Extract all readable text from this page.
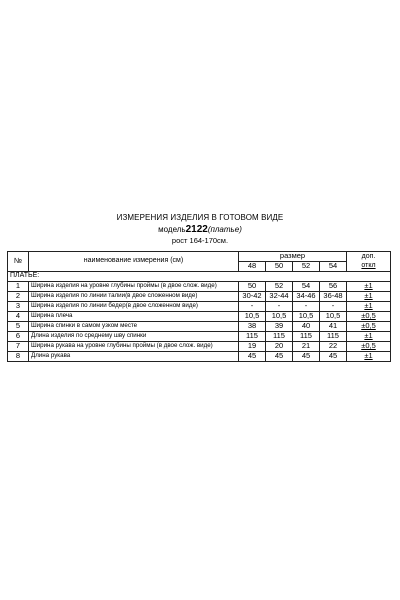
ИЗМЕРЕНИЯ ИЗДЕЛИЯ В ГОТОВОМ ВИДЕ
модель2122(платье)
рост 164-170см.
№	наименование измерения (см)	размер				доп.
откл

		48	50	52	54	
ПЛАТЬЕ:						
1	Ширина изделия на уровне глубины проймы (в двое слож. виде)	50	52	54	56	±1
2	Ширина изделия по линии талии(в двое сложенном виде)	30-42	32-44	34-46	36-48	±1
3	Ширина изделия по линии бедер(в двое сложенном виде)	-	-	-	-	±1
4	Ширина плеча	10,5	10,5	10,5	10,5	±0,5
5	Ширина спинки в самом узком месте	38	39	40	41	±0,5
6	Длина изделия по среднему шву спинки	115	115	115	115	±1
7	Ширина рукава на уровне глубины проймы (в двое слож. виде)	19	20	21	22	±0,5
8	Длина рукава	45	45	45	45	±1
